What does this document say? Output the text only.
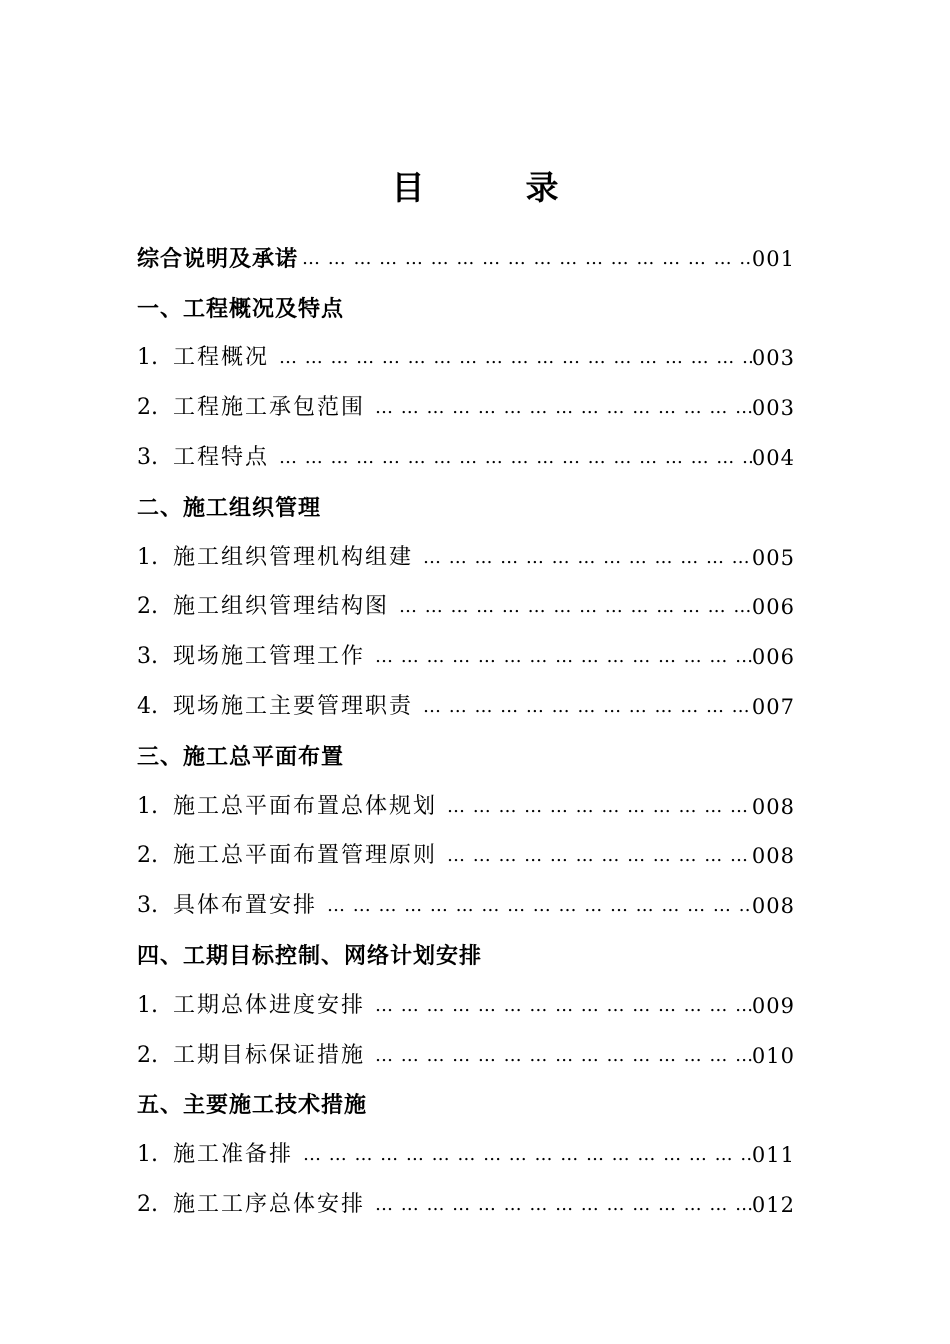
目　录
综合说明及承诺 … … … … … … … … … … … … … … … … … … … … … … … … … … … … … … … … … … … … … … … … … … … … … … … … … … … … … … … … … … … …	001
一、工程概况及特点
1. 工程概况 … … … … … … … … … … … … … … … … … … … … … … … … … … … … … … … … … … … … … … … … … … … … … … … … … … … … … … … … … … … …	003
2. 工程施工承包范围 … … … … … … … … … … … … … … … … … … … … … … … … … … … … … … … … … … … … … … … … … … … … … … … … … … … … … … … … … … … …	003
3. 工程特点 … … … … … … … … … … … … … … … … … … … … … … … … … … … … … … … … … … … … … … … … … … … … … … … … … … … … … … … … … … … …	004
二、施工组织管理
1. 施工组织管理机构组建 … … … … … … … … … … … … … … … … … … … … … … … … … … … … … … … … … … … … … … … … … … … … … … … … … … … … … … … … … … … …	005
2. 施工组织管理结构图 … … … … … … … … … … … … … … … … … … … … … … … … … … … … … … … … … … … … … … … … … … … … … … … … … … … … … … … … … … … …	006
3. 现场施工管理工作 … … … … … … … … … … … … … … … … … … … … … … … … … … … … … … … … … … … … … … … … … … … … … … … … … … … … … … … … … … … …	006
4. 现场施工主要管理职责 … … … … … … … … … … … … … … … … … … … … … … … … … … … … … … … … … … … … … … … … … … … … … … … … … … … … … … … … … … … …	007
三、施工总平面布置
1. 施工总平面布置总体规划 … … … … … … … … … … … … … … … … … … … … … … … … … … … … … … … … … … … … … … … … … … … … … … … … … … … … … … … … … … … …	008
2. 施工总平面布置管理原则 … … … … … … … … … … … … … … … … … … … … … … … … … … … … … … … … … … … … … … … … … … … … … … … … … … … … … … … … … … … …	008
3. 具体布置安排 … … … … … … … … … … … … … … … … … … … … … … … … … … … … … … … … … … … … … … … … … … … … … … … … … … … … … … … … … … … …	008
四、工期目标控制、网络计划安排
1. 工期总体进度安排 … … … … … … … … … … … … … … … … … … … … … … … … … … … … … … … … … … … … … … … … … … … … … … … … … … … … … … … … … … … …	009
2. 工期目标保证措施 … … … … … … … … … … … … … … … … … … … … … … … … … … … … … … … … … … … … … … … … … … … … … … … … … … … … … … … … … … … …	010
五、主要施工技术措施
1. 施工准备排 … … … … … … … … … … … … … … … … … … … … … … … … … … … … … … … … … … … … … … … … … … … … … … … … … … … … … … … … … … … …	011
2. 施工工序总体安排 … … … … … … … … … … … … … … … … … … … … … … … … … … … … … … … … … … … … … … … … … … … … … … … … … … … … … … … … … … … …	012
